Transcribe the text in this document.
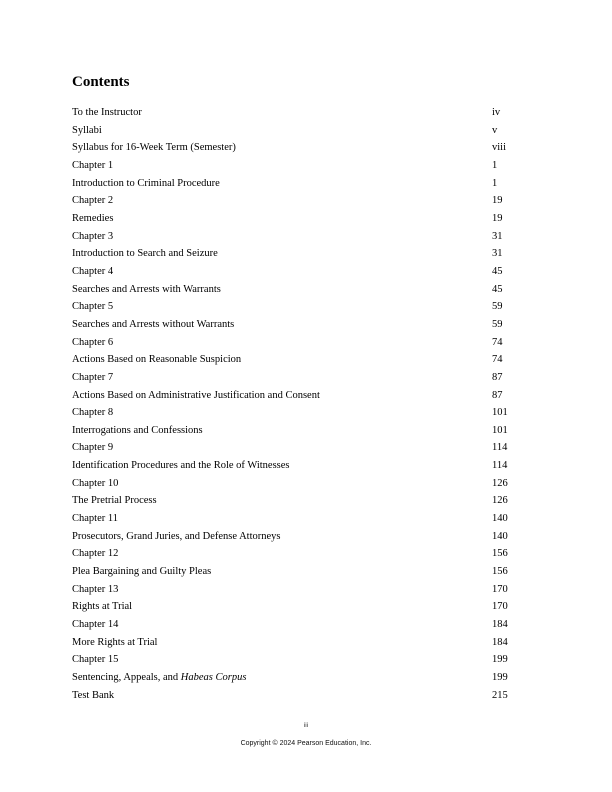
Contents
To the Instructor	iv
Syllabi	v
Syllabus for 16-Week Term (Semester)	viii
Chapter 1	1
Introduction to Criminal Procedure	1
Chapter 2	19
Remedies	19
Chapter 3	31
Introduction to Search and Seizure	31
Chapter 4	45
Searches and Arrests with Warrants	45
Chapter 5	59
Searches and Arrests without Warrants	59
Chapter 6	74
Actions Based on Reasonable Suspicion	74
Chapter 7	87
Actions Based on Administrative Justification and Consent	87
Chapter 8	101
Interrogations and Confessions	101
Chapter 9	114
Identification Procedures and the Role of Witnesses	114
Chapter 10	126
The Pretrial Process	126
Chapter 11	140
Prosecutors, Grand Juries, and Defense Attorneys	140
Chapter 12	156
Plea Bargaining and Guilty Pleas	156
Chapter 13	170
Rights at Trial	170
Chapter 14	184
More Rights at Trial	184
Chapter 15	199
Sentencing, Appeals, and Habeas Corpus	199
Test Bank	215
iii
Copyright © 2024 Pearson Education, Inc.
